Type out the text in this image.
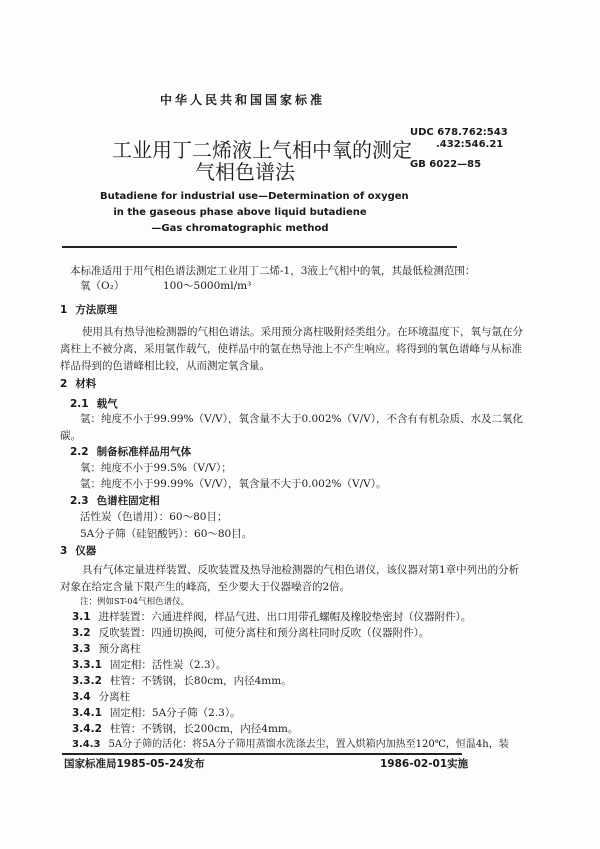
中华人民共和国国家标准
工业用丁二烯液上气相中氧的测定
气相色谱法
UDC 678.762:543
.432:546.21
GB 6022—85
Butadiene for industrial use—Determination of oxygen
in the gaseous phase above liquid butadiene
—Gas chromatographic method
本标准适用于用气相色谱法测定工业用丁二烯-1，3液上气相中的氧，其最低检测范围：
氧（O₂）	100～5000ml/m³
1 方法原理
使用具有热导池检测器的气相色谱法。采用预分离柱吸附烃类组分。在环境温度下，氧与氩在分
离柱上不被分离，采用氩作载气，使样品中的氩在热导池上不产生响应。将得到的氧色谱峰与从标准
样品得到的色谱峰相比较，从而测定氧含量。
2 材料
2.1 载气
氩：纯度不小于99.99%（V/V），氧含量不大于0.002%（V/V），不含有有机杂质、水及二氧化
碳。
2.2 制备标准样品用气体
氧：纯度不小于99.5%（V/V）；
氩：纯度不小于99.99%（V/V），氧含量不大于0.002%（V/V）。
2.3 色谱柱固定相
活性炭（色谱用）：60～80目；
5A分子筛（硅铝酸钙）：60～80目。
3 仪器
具有气体定量进样装置、反吹装置及热导池检测器的气相色谱仪，该仪器对第1章中列出的分析
对象在给定含量下限产生的峰高，至少要大于仪器噪音的2倍。
注：例如ST-04气相色谱仪。
3.1 进样装置：六通进样阀，样品气进、出口用带孔螺帽及橡胶垫密封（仪器附件）。
3.2 反吹装置：四通切换阀，可使分离柱和预分离柱同时反吹（仪器附件）。
3.3 预分离柱
3.3.1 固定相：活性炭（2.3）。
3.3.2 柱管：不锈钢，长80cm，内径4mm。
3.4 分离柱
3.4.1 固定相：5A分子筛（2.3）。
3.4.2 柱管：不锈钢，长200cm，内径4mm。
3.4.3 5A分子筛的活化：将5A分子筛用蒸馏水洗涤去尘，置入烘箱内加热至120℃，恒温4h，装
国家标准局1985-05-24发布	1986-02-01实施
